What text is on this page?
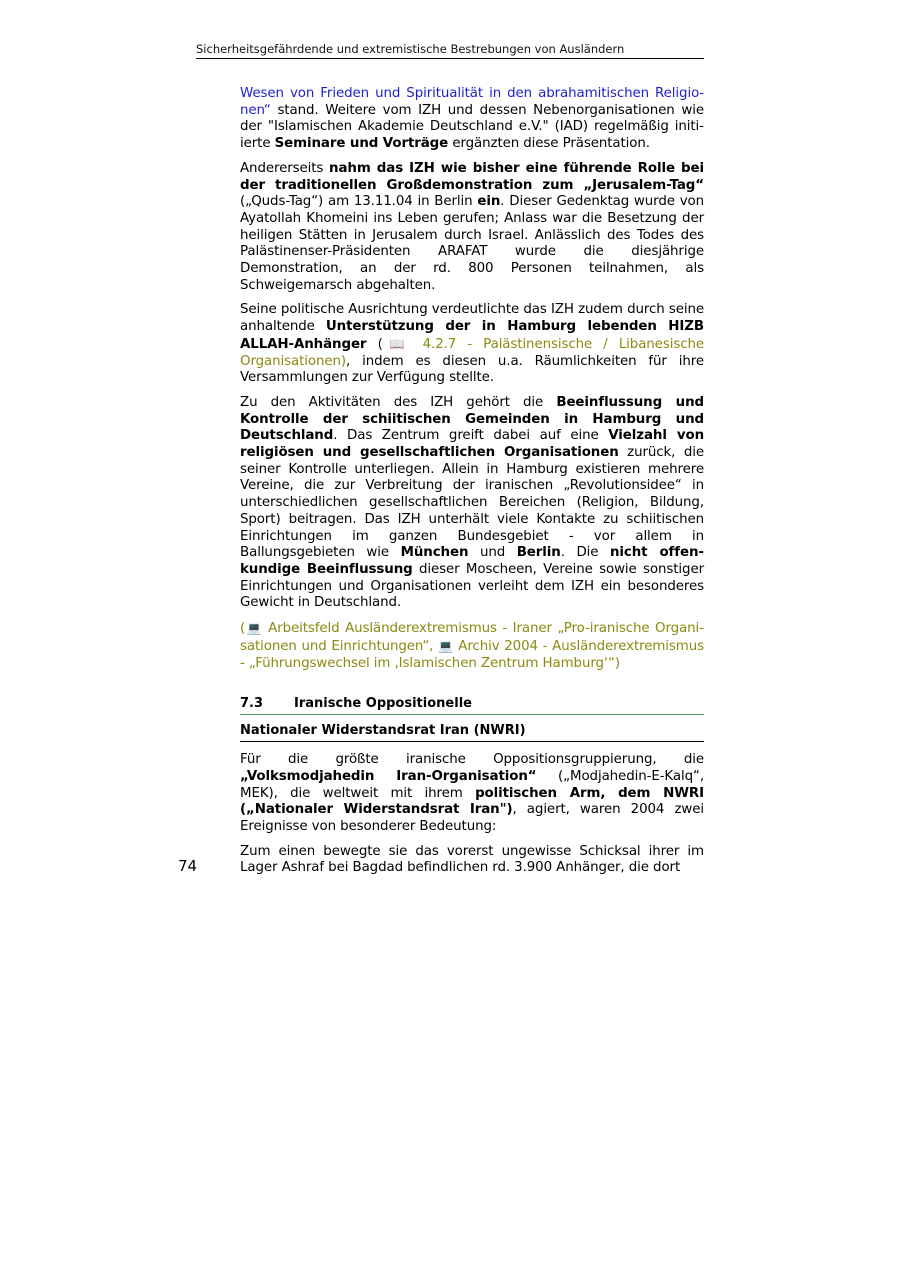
Sicherheitsgefährdende und extremistische Bestrebungen von Ausländern

Wesen von Frieden und Spiritualität in den abrahamitischen Religionen“ stand. Weitere vom IZH und dessen Nebenorganisationen wie der "Islamischen Akademie Deutschland e.V." (IAD) regelmäßig initiierte Seminare und Vorträge ergänzten diese Präsentation.

Andererseits nahm das IZH wie bisher eine führende Rolle bei der traditionellen Großdemonstration zum „Jerusalem-Tag“ („Quds-Tag“) am 13.11.04 in Berlin ein. Dieser Gedenktag wurde von Ayatollah Khomeini ins Leben gerufen; Anlass war die Besetzung der heiligen Stätten in Jerusalem durch Israel. Anlässlich des Todes des Palästinenser-Präsidenten ARAFAT wurde die diesjährige Demonstration, an der rd. 800 Personen teilnahmen, als Schweigemarsch abgehalten.

Seine politische Ausrichtung verdeutlichte das IZH zudem durch seine anhaltende Unterstützung der in Hamburg lebenden HIZB ALLAH-Anhänger (📖 4.2.7 - Palästinensische / Libanesische Organisationen), indem es diesen u.a. Räumlichkeiten für ihre Versammlungen zur Verfügung stellte.

Zu den Aktivitäten des IZH gehört die Beeinflussung und Kontrolle der schiitischen Gemeinden in Hamburg und Deutschland. Das Zentrum greift dabei auf eine Vielzahl von religiösen und gesellschaftlichen Organisationen zurück, die seiner Kontrolle unterliegen. Allein in Hamburg existieren mehrere Vereine, die zur Verbreitung der iranischen „Revolutionsidee“ in unterschiedlichen gesellschaftlichen Bereichen (Religion, Bildung, Sport) beitragen. Das IZH unterhält viele Kontakte zu schiitischen Einrichtungen im ganzen Bundesgebiet - vor allem in Ballungsgebieten wie München und Berlin. Die nicht offenkundige Beeinflussung dieser Moscheen, Vereine sowie sonstiger Einrichtungen und Organisationen verleiht dem IZH ein besonderes Gewicht in Deutschland.

(💻 Arbeitsfeld Ausländerextremismus - Iraner „Pro-iranische Organisationen und Einrichtungen“, 💻 Archiv 2004 - Ausländerextremismus - „Führungswechsel im ‚Islamischen Zentrum Hamburg‘“)

7.3 Iranische Oppositionelle
Nationaler Widerstandsrat Iran (NWRI)

Für die größte iranische Oppositionsgruppierung, die „Volksmodjahedin Iran-Organisation“ („Modjahedin-E-Kalq“, MEK), die weltweit mit ihrem politischen Arm, dem NWRI („Nationaler Widerstandsrat Iran"), agiert, waren 2004 zwei Ereignisse von besonderer Bedeutung:

Zum einen bewegte sie das vorerst ungewisse Schicksal ihrer im Lager Ashraf bei Bagdad befindlichen rd. 3.900 Anhänger, die dort

74
